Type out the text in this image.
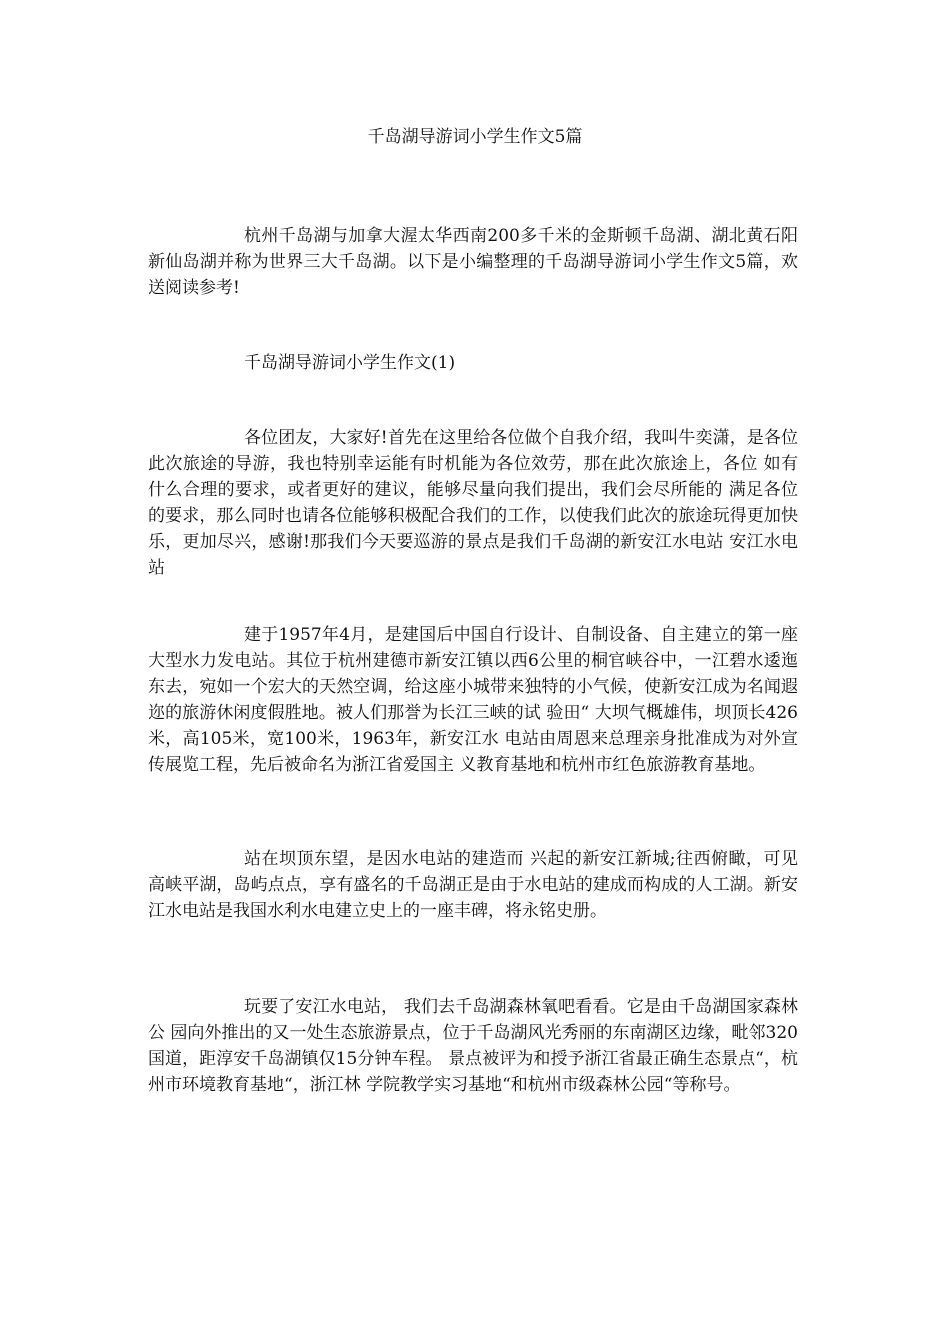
千岛湖导游词小学生作文5篇

杭州千岛湖与加拿大渥太华西南200多千米的金斯顿千岛湖、湖北黄石阳新仙岛湖并称为世界三大千岛湖。以下是小编整理的千岛湖导游词小学生作文5篇，欢送阅读参考!

千岛湖导游词小学生作文(1)

各位团友，大家好!首先在这里给各位做个自我介绍，我叫牛奕潇，是各位 此次旅途的导游，我也特别幸运能有时机能为各位效劳，那在此次旅途上，各位 如有什么合理的要求，或者更好的建议，能够尽量向我们提出，我们会尽所能的 满足各位的要求，那么同时也请各位能够积极配合我们的工作，以使我们此次的旅途玩得更加快乐，更加尽兴，感谢!那我们今天要巡游的景点是我们千岛湖的新安江水电站 安江水电站

建于1957年4月，是建国后中国自行设计、自制设备、自主建立的第一座大型水力发电站。其位于杭州建德市新安江镇以西6公里的桐官峡谷中，一江碧水逶迤东去，宛如一个宏大的天然空调，给这座小城带来独特的小气候，使新安江成为名闻遐迩的旅游休闲度假胜地。被人们那誉为长江三峡的试 验田“ 大坝气概雄伟，坝顶长426米，高105米，宽100米，1963年，新安江水 电站由周恩来总理亲身批准成为对外宣传展览工程，先后被命名为浙江省爱国主 义教育基地和杭州市红色旅游教育基地。

站在坝顶东望，是因水电站的建造而 兴起的新安江新城;往西俯瞰，可见高峡平湖，岛屿点点，享有盛名的千岛湖正是由于水电站的建成而构成的人工湖。新安江水电站是我国水利水电建立史上的一座丰碑，将永铭史册。

玩要了安江水电站， 我们去千岛湖森林氧吧看看。它是由千岛湖国家森林公 园向外推出的又一处生态旅游景点，位于千岛湖风光秀丽的东南湖区边缘，毗邻320国道，距淳安千岛湖镇仅15分钟车程。 景点被评为和授予浙江省最正确生态景点“，杭州市环境教育基地“，浙江林 学院教学实习基地“和杭州市级森林公园“等称号。
